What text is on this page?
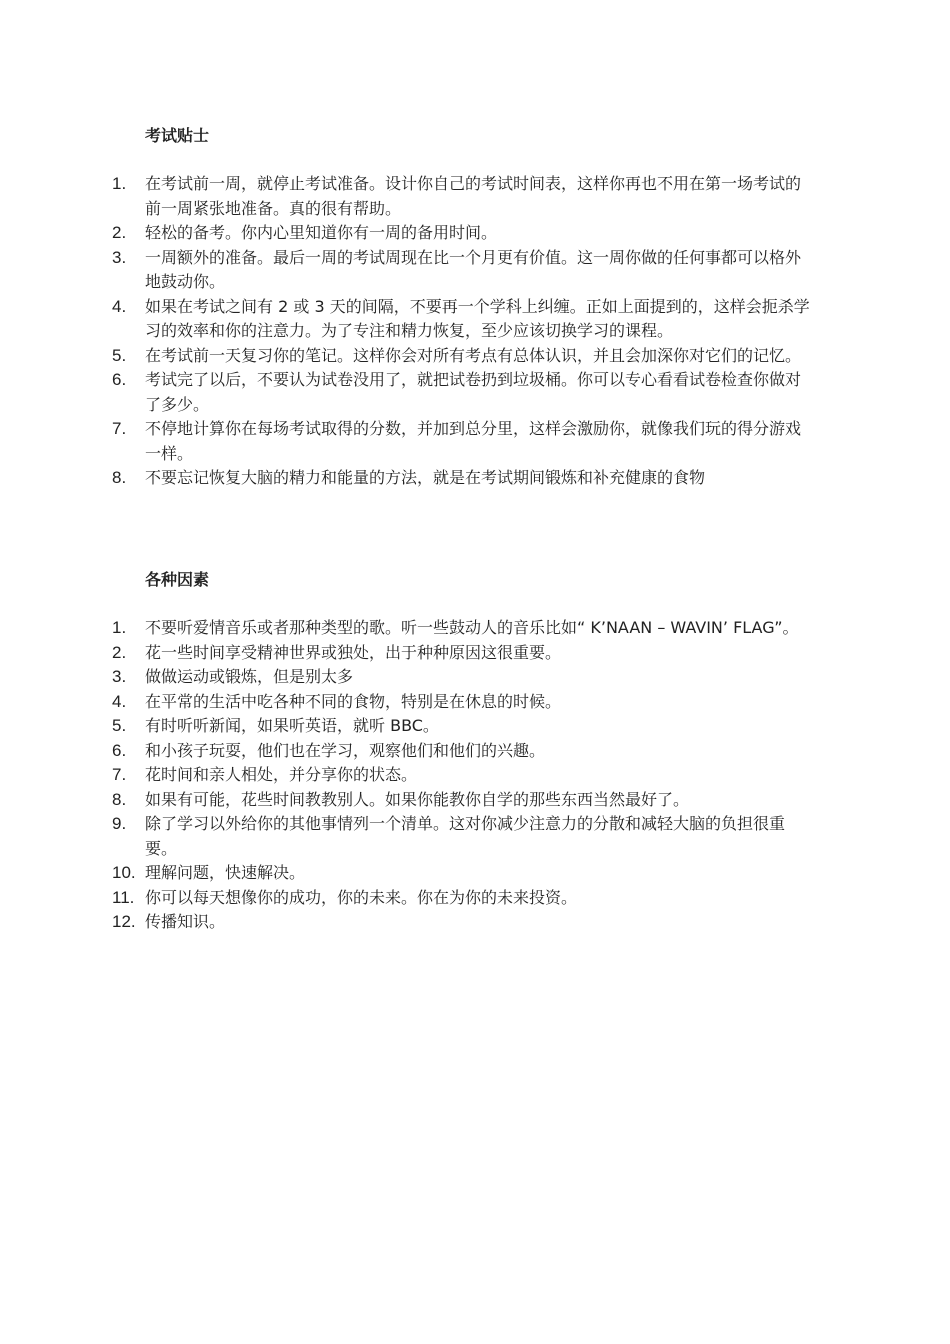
考试贴士
1.	在考试前一周，就停止考试准备。设计你自己的考试时间表，这样你再也不用在第一场考试的前一周紧张地准备。真的很有帮助。
2.	轻松的备考。你内心里知道你有一周的备用时间。
3.	一周额外的准备。最后一周的考试周现在比一个月更有价值。这一周你做的任何事都可以格外地鼓动你。
4.	如果在考试之间有 2 或 3 天的间隔，不要再一个学科上纠缠。正如上面提到的，这样会扼杀学习的效率和你的注意力。为了专注和精力恢复，至少应该切换学习的课程。
5.	在考试前一天复习你的笔记。这样你会对所有考点有总体认识，并且会加深你对它们的记忆。
6.	考试完了以后，不要认为试卷没用了，就把试卷扔到垃圾桶。你可以专心看看试卷检查你做对了多少。
7.	不停地计算你在每场考试取得的分数，并加到总分里，这样会激励你，就像我们玩的得分游戏一样。
8.	不要忘记恢复大脑的精力和能量的方法，就是在考试期间锻炼和补充健康的食物
各种因素
1.	不要听爱情音乐或者那种类型的歌。听一些鼓动人的音乐比如“ K’NAAN – WAVIN’ FLAG”。
2.	花一些时间享受精神世界或独处，出于种种原因这很重要。
3.	做做运动或锻炼，但是别太多
4.	在平常的生活中吃各种不同的食物，特别是在休息的时候。
5.	有时听听新闻，如果听英语，就听 BBC。
6.	和小孩子玩耍，他们也在学习，观察他们和他们的兴趣。
7.	花时间和亲人相处，并分享你的状态。
8.	如果有可能，花些时间教教别人。如果你能教你自学的那些东西当然最好了。
9.	除了学习以外给你的其他事情列一个清单。这对你减少注意力的分散和减轻大脑的负担很重要。
10. 理解问题，快速解决。
11. 你可以每天想像你的成功，你的未来。你在为你的未来投资。
12. 传播知识。
